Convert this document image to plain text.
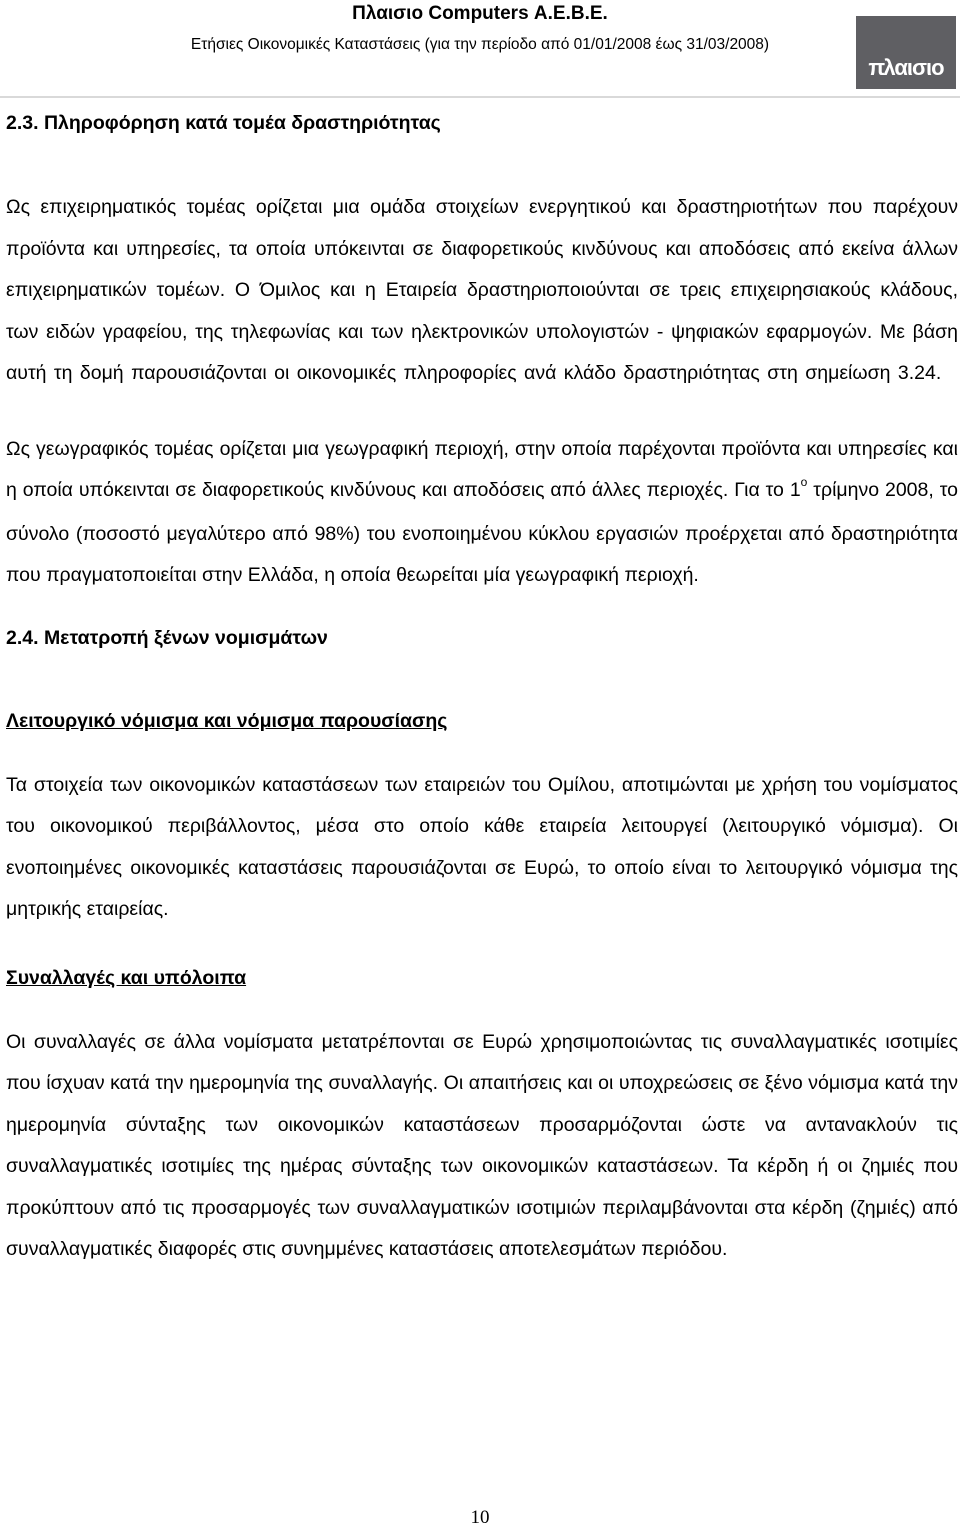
Πλαισιο Computers Α.Ε.Β.Ε.
Ετήσιες Οικονομικές Καταστάσεις (για την περίοδο από 01/01/2008 έως 31/03/2008)
πλαισιο
2.3. Πληροφόρηση κατά τομέα δραστηριότητας

Ως επιχειρηματικός τομέας ορίζεται μια ομάδα στοιχείων ενεργητικού και δραστηριοτήτων που παρέχουν προϊόντα και υπηρεσίες, τα οποία υπόκεινται σε διαφορετικούς κινδύνους και αποδόσεις από εκείνα άλλων επιχειρηματικών τομέων. Ο Όμιλος και η Εταιρεία δραστηριοποιούνται σε τρεις επιχειρησιακούς κλάδους, των ειδών γραφείου, της τηλεφωνίας και των ηλεκτρονικών υπολογιστών - ψηφιακών εφαρμογών. Με βάση αυτή τη δομή παρουσιάζονται οι οικονομικές πληροφορίες ανά κλάδο δραστηριότητας στη σημείωση 3.24.

Ως γεωγραφικός τομέας ορίζεται μια γεωγραφική περιοχή, στην οποία παρέχονται προϊόντα και υπηρεσίες και η οποία υπόκεινται σε διαφορετικούς κινδύνους και αποδόσεις από άλλες περιοχές. Για το $1^o$ τρίμηνο 2008, το σύνολο (ποσοστό μεγαλύτερο από 98%) του ενοποιημένου κύκλου εργασιών προέρχεται από δραστηριότητα που πραγματοποιείται στην Ελλάδα, η οποία θεωρείται μία γεωγραφική περιοχή.

2.4. Μετατροπή ξένων νομισμάτων
Λειτουργικό νόμισμα και νόμισμα παρουσίασης

Τα στοιχεία των οικονομικών καταστάσεων των εταιρειών του Ομίλου, αποτιμώνται με χρήση του νομίσματος του οικονομικού περιβάλλοντος, μέσα στο οποίο κάθε εταιρεία λειτουργεί (λειτουργικό νόμισμα). Οι ενοποιημένες οικονομικές καταστάσεις παρουσιάζονται σε Ευρώ, το οποίο είναι το λειτουργικό νόμισμα της μητρικής εταιρείας.

Συναλλαγές και υπόλοιπα

Οι συναλλαγές σε άλλα νομίσματα μετατρέπονται σε Ευρώ χρησιμοποιώντας τις συναλλαγματικές ισοτιμίες που ίσχυαν κατά την ημερομηνία της συναλλαγής. Οι απαιτήσεις και οι υποχρεώσεις σε ξένο νόμισμα κατά την ημερομηνία σύνταξης των οικονομικών καταστάσεων προσαρμόζονται ώστε να αντανακλούν τις συναλλαγματικές ισοτιμίες της ημέρας σύνταξης των οικονομικών καταστάσεων. Τα κέρδη ή οι ζημιές που προκύπτουν από τις προσαρμογές των συναλλαγματικών ισοτιμιών περιλαμβάνονται στα κέρδη (ζημιές) από συναλλαγματικές διαφορές στις συνημμένες καταστάσεις αποτελεσμάτων περιόδου.

10
